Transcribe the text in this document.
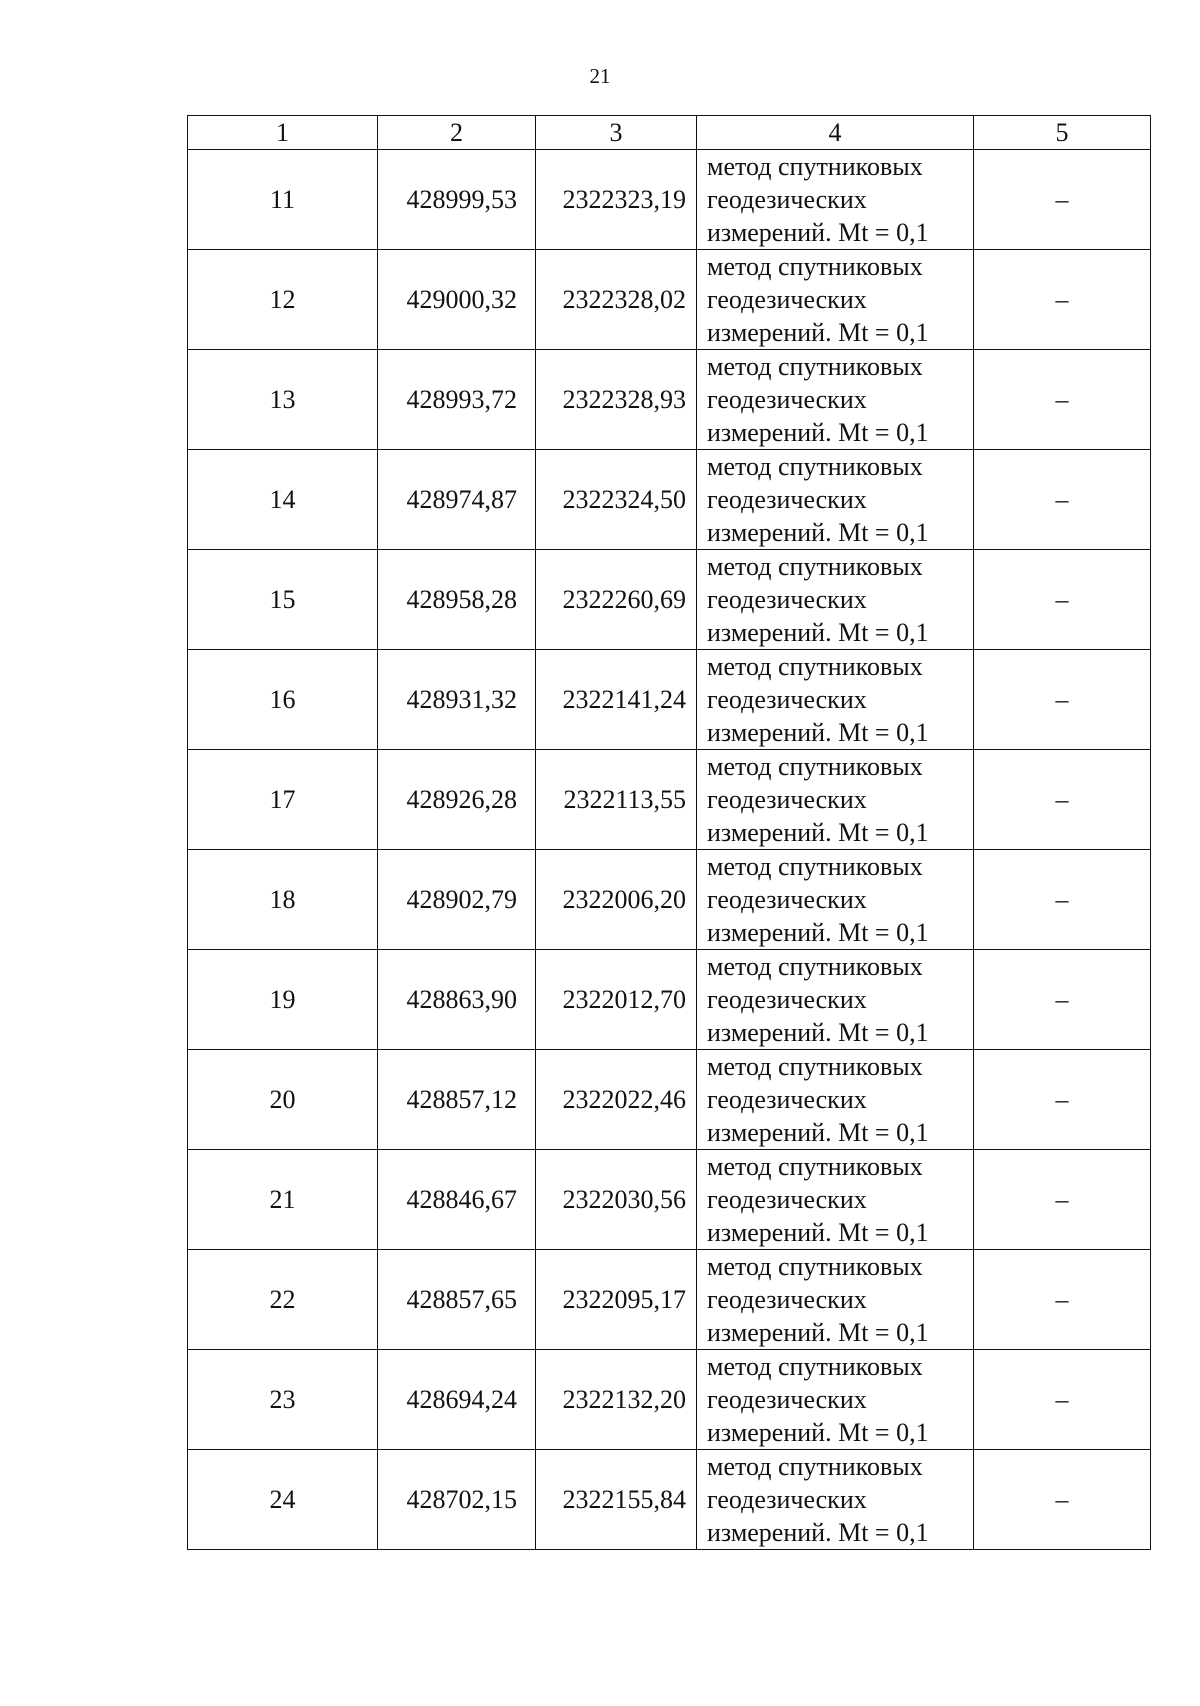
21
1	2	3	4	5
11	428999,53	2322323,19	метод спутниковых
геодезических
измерений. Mt = 0,1	–
12	429000,32	2322328,02	метод спутниковых
геодезических
измерений. Mt = 0,1	–
13	428993,72	2322328,93	метод спутниковых
геодезических
измерений. Mt = 0,1	–
14	428974,87	2322324,50	метод спутниковых
геодезических
измерений. Mt = 0,1	–
15	428958,28	2322260,69	метод спутниковых
геодезических
измерений. Mt = 0,1	–
16	428931,32	2322141,24	метод спутниковых
геодезических
измерений. Mt = 0,1	–
17	428926,28	2322113,55	метод спутниковых
геодезических
измерений. Mt = 0,1	–
18	428902,79	2322006,20	метод спутниковых
геодезических
измерений. Mt = 0,1	–
19	428863,90	2322012,70	метод спутниковых
геодезических
измерений. Mt = 0,1	–
20	428857,12	2322022,46	метод спутниковых
геодезических
измерений. Mt = 0,1	–
21	428846,67	2322030,56	метод спутниковых
геодезических
измерений. Mt = 0,1	–
22	428857,65	2322095,17	метод спутниковых
геодезических
измерений. Mt = 0,1	–
23	428694,24	2322132,20	метод спутниковых
геодезических
измерений. Mt = 0,1	–
24	428702,15	2322155,84	метод спутниковых
геодезических
измерений. Mt = 0,1	–
